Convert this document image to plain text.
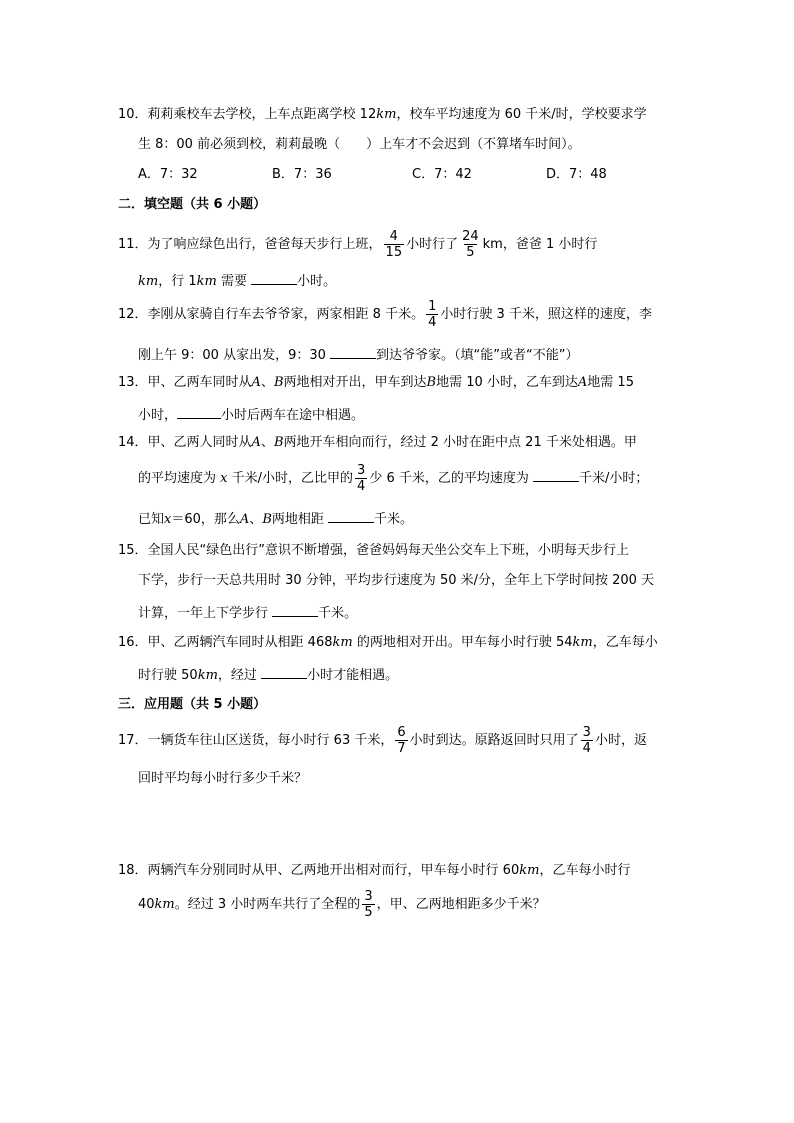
10．莉莉乘校车去学校，上车点距离学校 12km，校车平均速度为 60 千米/时，学校要求学
生 8：00 前必须到校，莉莉最晚（　　）上车才不会迟到（不算堵车时间）。
A．7：32	B．7：36	C．7：42	D．7：48
二．填空题（共 6 小题）
11．为了响应绿色出行，爸爸每天步行上班， $\frac{4}{15}$ 小时行了 $\frac{24}{5}$ km，爸爸 1 小时行
km，行 1km 需要	小时。
12．李刚从家骑自行车去爷爷家，两家相距 8 千米。 $\frac{1}{4}$ 小时行驶 3 千米，照这样的速度，李
刚上午 9：00 从家出发，9：30	到达爷爷家。（填“能”或者“不能”）
13．甲、乙两车同时从A、B两地相对开出，甲车到达B地需 10 小时，乙车到达A地需 15
小时，	小时后两车在途中相遇。
14．甲、乙两人同时从A、B两地开车相向而行，经过 2 小时在距中点 21 千米处相遇。甲
的平均速度为 x 千米/小时，乙比甲的 $\frac{3}{4}$ 少 6 千米，乙的平均速度为	千米/小时；
已知x＝60，那么A、B两地相距	千米。
15．全国人民“绿色出行”意识不断增强，爸爸妈妈每天坐公交车上下班，小明每天步行上
下学，步行一天总共用时 30 分钟，平均步行速度为 50 米/分，全年上下学时间按 200 天
计算，一年上下学步行	千米。
16．甲、乙两辆汽车同时从相距 468km 的两地相对开出。甲车每小时行驶 54km，乙车每小
时行驶 50km，经过	小时才能相遇。
三．应用题（共 5 小题）
17．一辆货车往山区送货，每小时行 63 千米， $\frac{6}{7}$ 小时到达。原路返回时只用了 $\frac{3}{4}$ 小时，返
回时平均每小时行多少千米？
18．两辆汽车分别同时从甲、乙两地开出相对而行，甲车每小时行 60km，乙车每小时行
40km。经过 3 小时两车共行了全程的 $\frac{3}{5}$ ，甲、乙两地相距多少千米？
